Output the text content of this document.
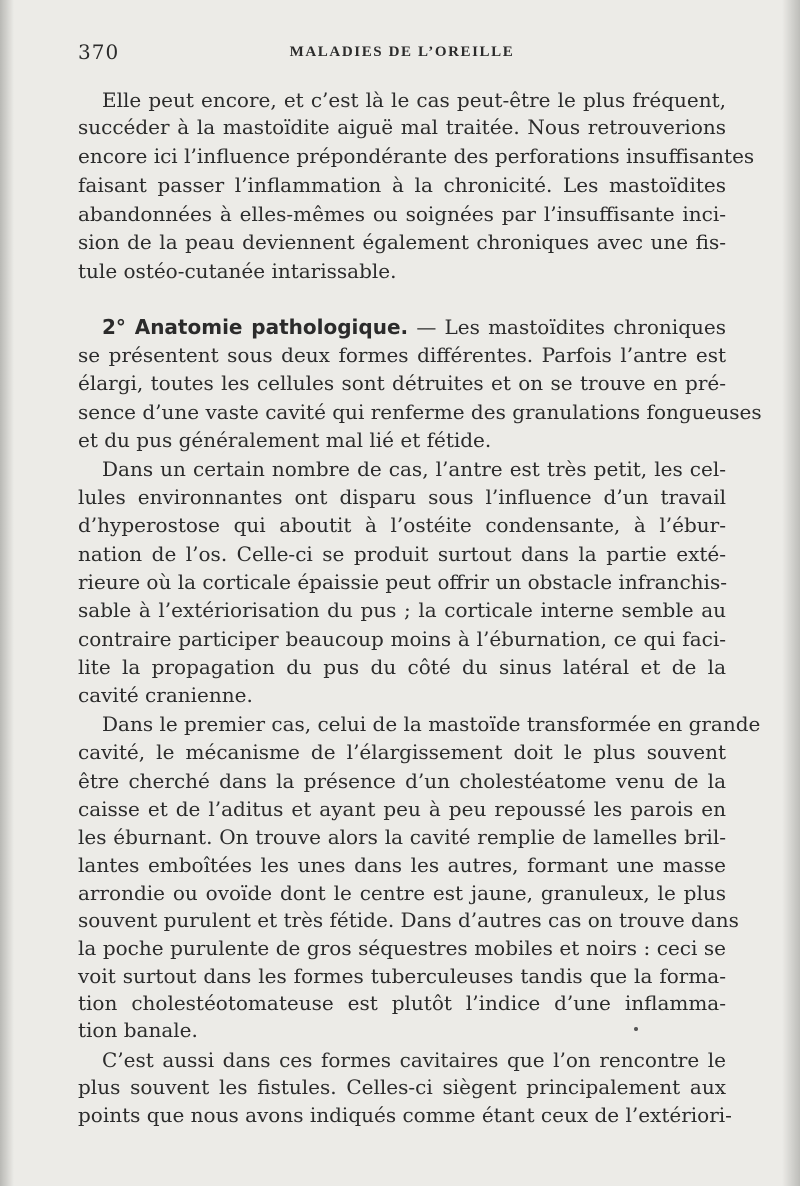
370	MALADIES DE L’OREILLE
Elle peut encore, et c’est là le cas peut-être le plus fréquent,
succéder à la mastoïdite aiguë mal traitée. Nous retrouverions
encore ici l’influence prépondérante des perforations insuffisantes
faisant passer l’inflammation à la chronicité. Les mastoïdites
abandonnées à elles-mêmes ou soignées par l’insuffisante inci-
sion de la peau deviennent également chroniques avec une fis-
tule ostéo-cutanée intarissable.
2° Anatomie pathologique. — Les mastoïdites chroniques
se présentent sous deux formes différentes. Parfois l’antre est
élargi, toutes les cellules sont détruites et on se trouve en pré-
sence d’une vaste cavité qui renferme des granulations fongueuses
et du pus généralement mal lié et fétide.
Dans un certain nombre de cas, l’antre est très petit, les cel-
lules environnantes ont disparu sous l’influence d’un travail
d’hyperostose qui aboutit à l’ostéite condensante, à l’ébur-
nation de l’os. Celle-ci se produit surtout dans la partie exté-
rieure où la corticale épaissie peut offrir un obstacle infranchis-
sable à l’extériorisation du pus ; la corticale interne semble au
contraire participer beaucoup moins à l’éburnation, ce qui faci-
lite la propagation du pus du côté du sinus latéral et de la
cavité cranienne.
Dans le premier cas, celui de la mastoïde transformée en grande
cavité, le mécanisme de l’élargissement doit le plus souvent
être cherché dans la présence d’un cholestéatome venu de la
caisse et de l’aditus et ayant peu à peu repoussé les parois en
les éburnant. On trouve alors la cavité remplie de lamelles bril-
lantes emboîtées les unes dans les autres, formant une masse
arrondie ou ovoïde dont le centre est jaune, granuleux, le plus
souvent purulent et très fétide. Dans d’autres cas on trouve dans
la poche purulente de gros séquestres mobiles et noirs : ceci se
voit surtout dans les formes tuberculeuses tandis que la forma-
tion cholestéotomateuse est plutôt l’indice d’une inflamma-
tion banale.
C’est aussi dans ces formes cavitaires que l’on rencontre le
plus souvent les fistules. Celles-ci siègent principalement aux
points que nous avons indiqués comme étant ceux de l’extériori-
